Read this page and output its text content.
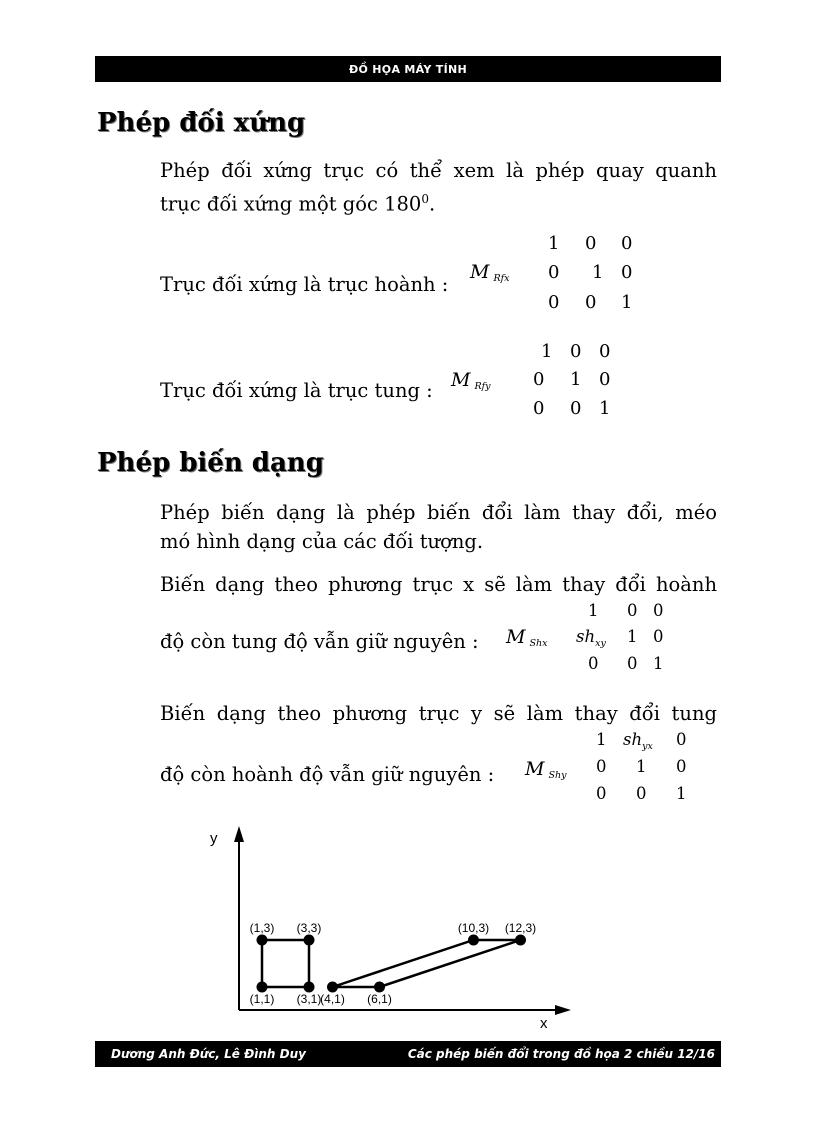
ĐỒ HỌA MÁY TÍNH
Phép đối xứng
Phép đối xứng trục có thể xem là phép quay quanh
trục đối xứng một góc $180^0$.
Trục đối xứng là trục hoành :
M $_{Rfx}$
1 0 0
0 1 0
0 0 1
Trục đối xứng là trục tung : M $_{Rfy}$
1 0 0
0 1 0
0 0 1
Phép biến dạng
Phép biến dạng là phép biến đổi làm thay đổi, méo
mó hình dạng của các đối tượng.
Biến dạng theo phương trục x sẽ làm thay đổi hoành
độ còn tung độ vẫn giữ nguyên : M $_{Shx}$
1 0 0
$sh_{xy}$ 1 0
0 0 1
Biến dạng theo phương trục y sẽ làm thay đổi tung
độ còn hoành độ vẫn giữ nguyên : M $_{Shy}$
1 $sh_{yx}$ 0
0 1 0
0 0 1
y
x
(1,1) (3,1)
(3,3)
(1,3)
(4,1) (6,1)
(12,3)
(10,3)
Dương Anh Đức, Lê Đình Duy	Các phép biến đổi trong đồ họa 2 chiều 12/16
